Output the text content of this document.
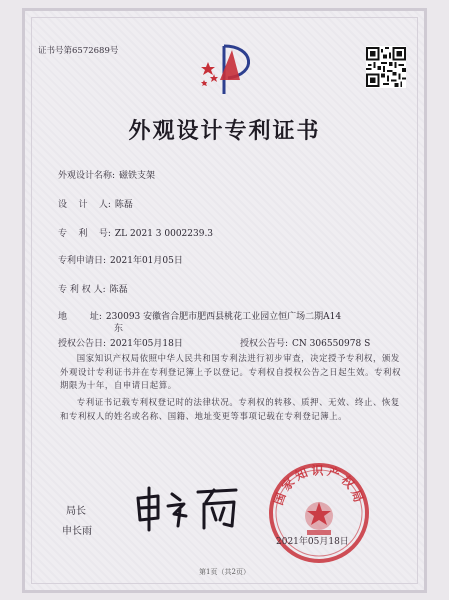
证书号第6572689号
外观设计专利证书
外观设计名称: 磁铁支架
设    计    人: 陈磊
专    利    号: ZL 2021 3 0002239.3
专利申请日: 2021年01月05日
专 利 权 人: 陈磊
地        址: 230093 安徽省合肥市肥西县桃花工业园立恒广场二期A14
东
授权公告日: 2021年05月18日	授权公告号: CN 306550978 S
国家知识产权局依照中华人民共和国专利法进行初步审查，决定授予专利权，颁发外观设计专利证书并在专利登记簿上予以登记。专利权自授权公告之日起生效。专利权期限为十年，自申请日起算。
专利证书记载专利权登记时的法律状况。专利权的转移、质押、无效、终止、恢复和专利权人的姓名或名称、国籍、地址变更等事项记载在专利登记簿上。
局长
申长雨
国家知识产权局
2021年05月18日
第1页（共2页）
